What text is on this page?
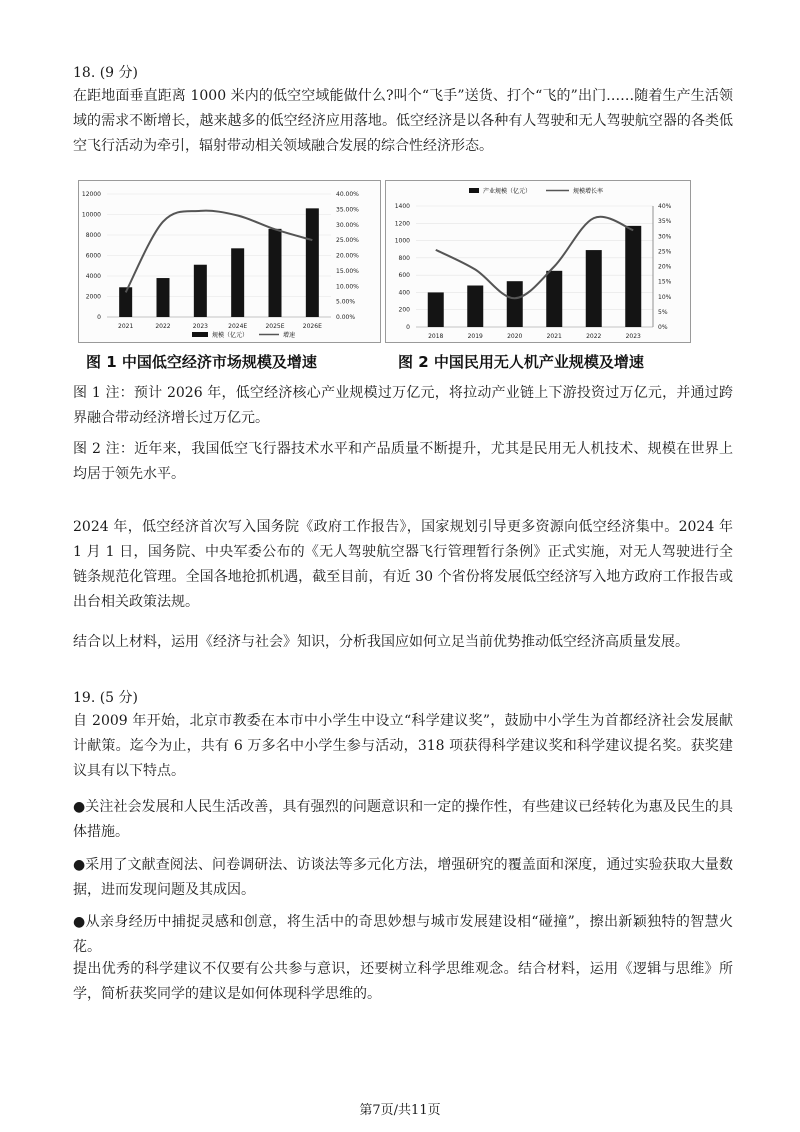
18. (9 分)

在距地面垂直距离 1000 米内的低空空域能做什么?叫个“飞手”送货、打个“飞的”出门……随着生产生活领域的需求不断增长，越来越多的低空经济应用落地。低空经济是以各种有人驾驶和无人驾驶航空器的各类低空飞行活动为牵引，辐射带动相关领域融合发展的综合性经济形态。

12000
10000
8000
6000
4000
2000
0
40.00%
35.00%
30.00%
25.00%
20.00%
15.00%
10.00%
5.00%
0.00%
2021	2022	2023	2024E	2025E	2026E
规模（亿元）	增速
产业规模（亿元）	规模增长率
1400
1200
1000
800
600
400
200
0
40%
35%
30%
25%
20%
15%
10%
5%
0%
2018	2019	2020	2021	2022	2023
图 1 中国低空经济市场规模及增速	图 2 中国民用无人机产业规模及增速

图 1 注：预计 2026 年，低空经济核心产业规模过万亿元，将拉动产业链上下游投资过万亿元，并通过跨界融合带动经济增长过万亿元。

图 2 注：近年来，我国低空飞行器技术水平和产品质量不断提升，尤其是民用无人机技术、规模在世界上均居于领先水平。

2024 年，低空经济首次写入国务院《政府工作报告》，国家规划引导更多资源向低空经济集中。2024 年 1 月 1 日，国务院、中央军委公布的《无人驾驶航空器飞行管理暂行条例》正式实施，对无人驾驶进行全链条规范化管理。全国各地抢抓机遇，截至目前，有近 30 个省份将发展低空经济写入地方政府工作报告或出台相关政策法规。

结合以上材料，运用《经济与社会》知识，分析我国应如何立足当前优势推动低空经济高质量发展。

19. (5 分)

自 2009 年开始，北京市教委在本市中小学生中设立“科学建议奖”，鼓励中小学生为首都经济社会发展献计献策。迄今为止，共有 6 万多名中小学生参与活动，318 项获得科学建议奖和科学建议提名奖。获奖建议具有以下特点。

●关注社会发展和人民生活改善，具有强烈的问题意识和一定的操作性，有些建议已经转化为惠及民生的具体措施。

●采用了文献查阅法、问卷调研法、访谈法等多元化方法，增强研究的覆盖面和深度，通过实验获取大量数据，进而发现问题及其成因。

●从亲身经历中捕捉灵感和创意，将生活中的奇思妙想与城市发展建设相“碰撞”，擦出新颖独特的智慧火花。

提出优秀的科学建议不仅要有公共参与意识，还要树立科学思维观念。结合材料，运用《逻辑与思维》所学，简析获奖同学的建议是如何体现科学思维的。

第7页/共11页
